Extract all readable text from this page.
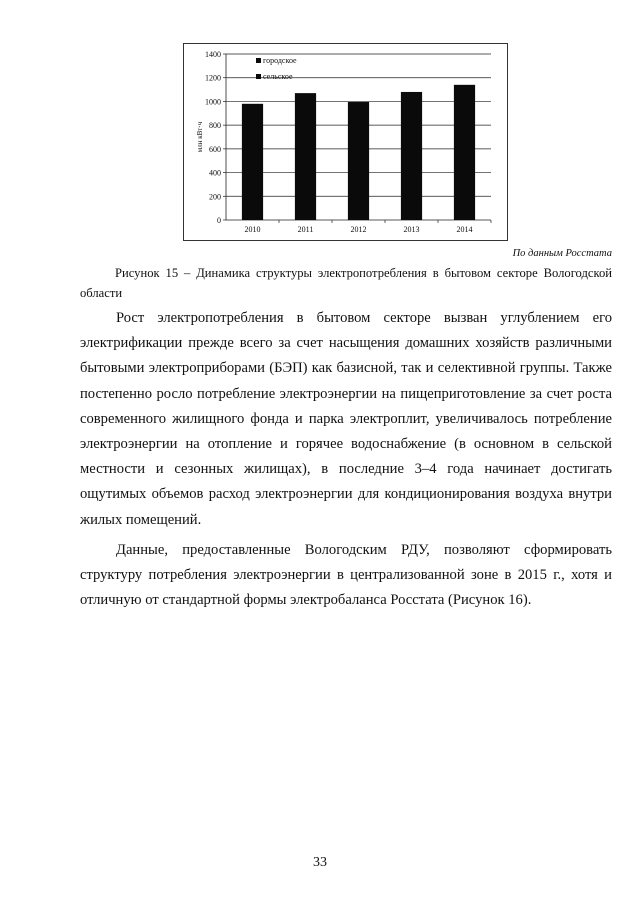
0
200
400
600
800
1000
1200
1400
млн кВт·ч
2010	2011	2012	2013	2014
городское
сельское
По данным Росстата
Рисунок 15 – Динамика структуры электропотребления в бытовом секторе Вологодской
области

Рост электропотребления в бытовом секторе вызван углублением его электрификации прежде всего за счет насыщения домашних хозяйств различными бытовыми электроприборами (БЭП) как базисной, так и селективной группы. Также постепенно росло потребление электроэнергии на пищеприготовление за счет роста современного жилищного фонда и парка электроплит, увеличивалось потребление электроэнергии на отопление и горячее водоснабжение (в основном в сельской местности и сезонных жилищах), в последние 3–4 года начинает достигать ощутимых объемов расход электроэнергии для кондиционирования воздуха внутри жилых помещений.

Данные, предоставленные Вологодским РДУ, позволяют сформировать структуру потребления электроэнергии в централизованной зоне в 2015 г., хотя и отличную от стандартной формы электробаланса Росстата (Рисунок 16).

33
